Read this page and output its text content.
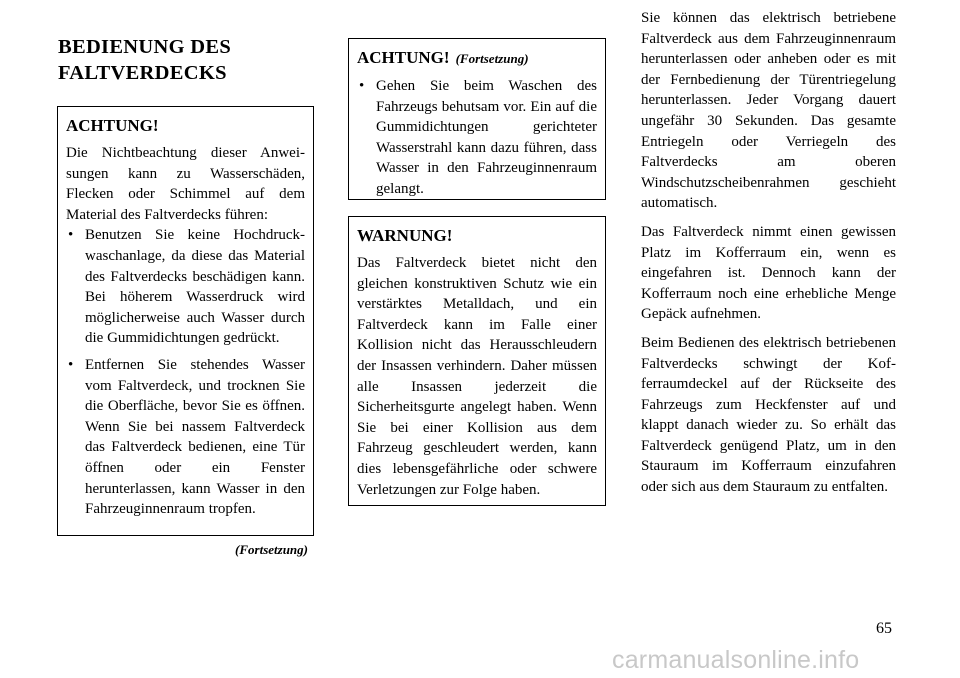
BEDIENUNG DES
FALTVERDECKS

ACHTUNG!

Die Nichtbeachtung dieser Anweisungen kann zu Wasserschäden, Flecken oder Schimmel auf dem Material des Faltverdecks führen:

• Benutzen Sie keine Hochdruckwaschanlage, da diese das Material des Faltverdecks beschädigen kann. Bei höherem Wasserdruck wird möglicherweise auch Wasser durch die Gummidichtungen gedrückt.
• Entfernen Sie stehendes Wasser vom Faltverdeck, und trocknen Sie die Oberfläche, bevor Sie es öffnen. Wenn Sie bei nassem Faltverdeck das Faltverdeck bedienen, eine Tür öffnen oder ein Fenster herunterlassen, kann Wasser in den Fahrzeuginnenraum tropfen.
(Fortsetzung)

ACHTUNG! (Fortsetzung)

• Gehen Sie beim Waschen des Fahrzeugs behutsam vor. Ein auf die Gummidichtungen gerichteter Wasserstrahl kann dazu führen, dass Wasser in den Fahrzeuginnenraum gelangt.

WARNUNG!

Das Faltverdeck bietet nicht den gleichen konstruktiven Schutz wie ein verstärktes Metalldach, und ein Faltverdeck kann im Falle einer Kollision nicht das Herausschleudern der Insassen verhindern. Daher müssen alle Insassen jederzeit die Sicherheitsgurte angelegt haben. Wenn Sie bei einer Kollision aus dem Fahrzeug geschleudert werden, kann dies lebensgefährliche oder schwere Verletzungen zur Folge haben.

Sie können das elektrisch betriebene Faltverdeck aus dem Fahrzeuginnenraum herunterlassen oder anheben oder es mit der Fernbedienung der Türentriegelung herunterlassen. Jeder Vorgang dauert ungefähr 30 Sekunden. Das gesamte Entriegeln oder Verriegeln des Faltverdecks am oberen Windschutzscheibenrahmen geschieht automatisch.

Das Faltverdeck nimmt einen gewissen Platz im Kofferraum ein, wenn es eingefahren ist. Dennoch kann der Kofferraum noch eine erhebliche Menge Gepäck aufnehmen.

Beim Bedienen des elektrisch betriebenen Faltverdecks schwingt der Kofferraumdeckel auf der Rückseite des Fahrzeugs zum Heckfenster auf und klappt danach wieder zu. So erhält das Faltverdeck genügend Platz, um in den Stauraum im Kofferraum einzufahren oder sich aus dem Stauraum zu entfalten.

65
carmanualsonline.info
